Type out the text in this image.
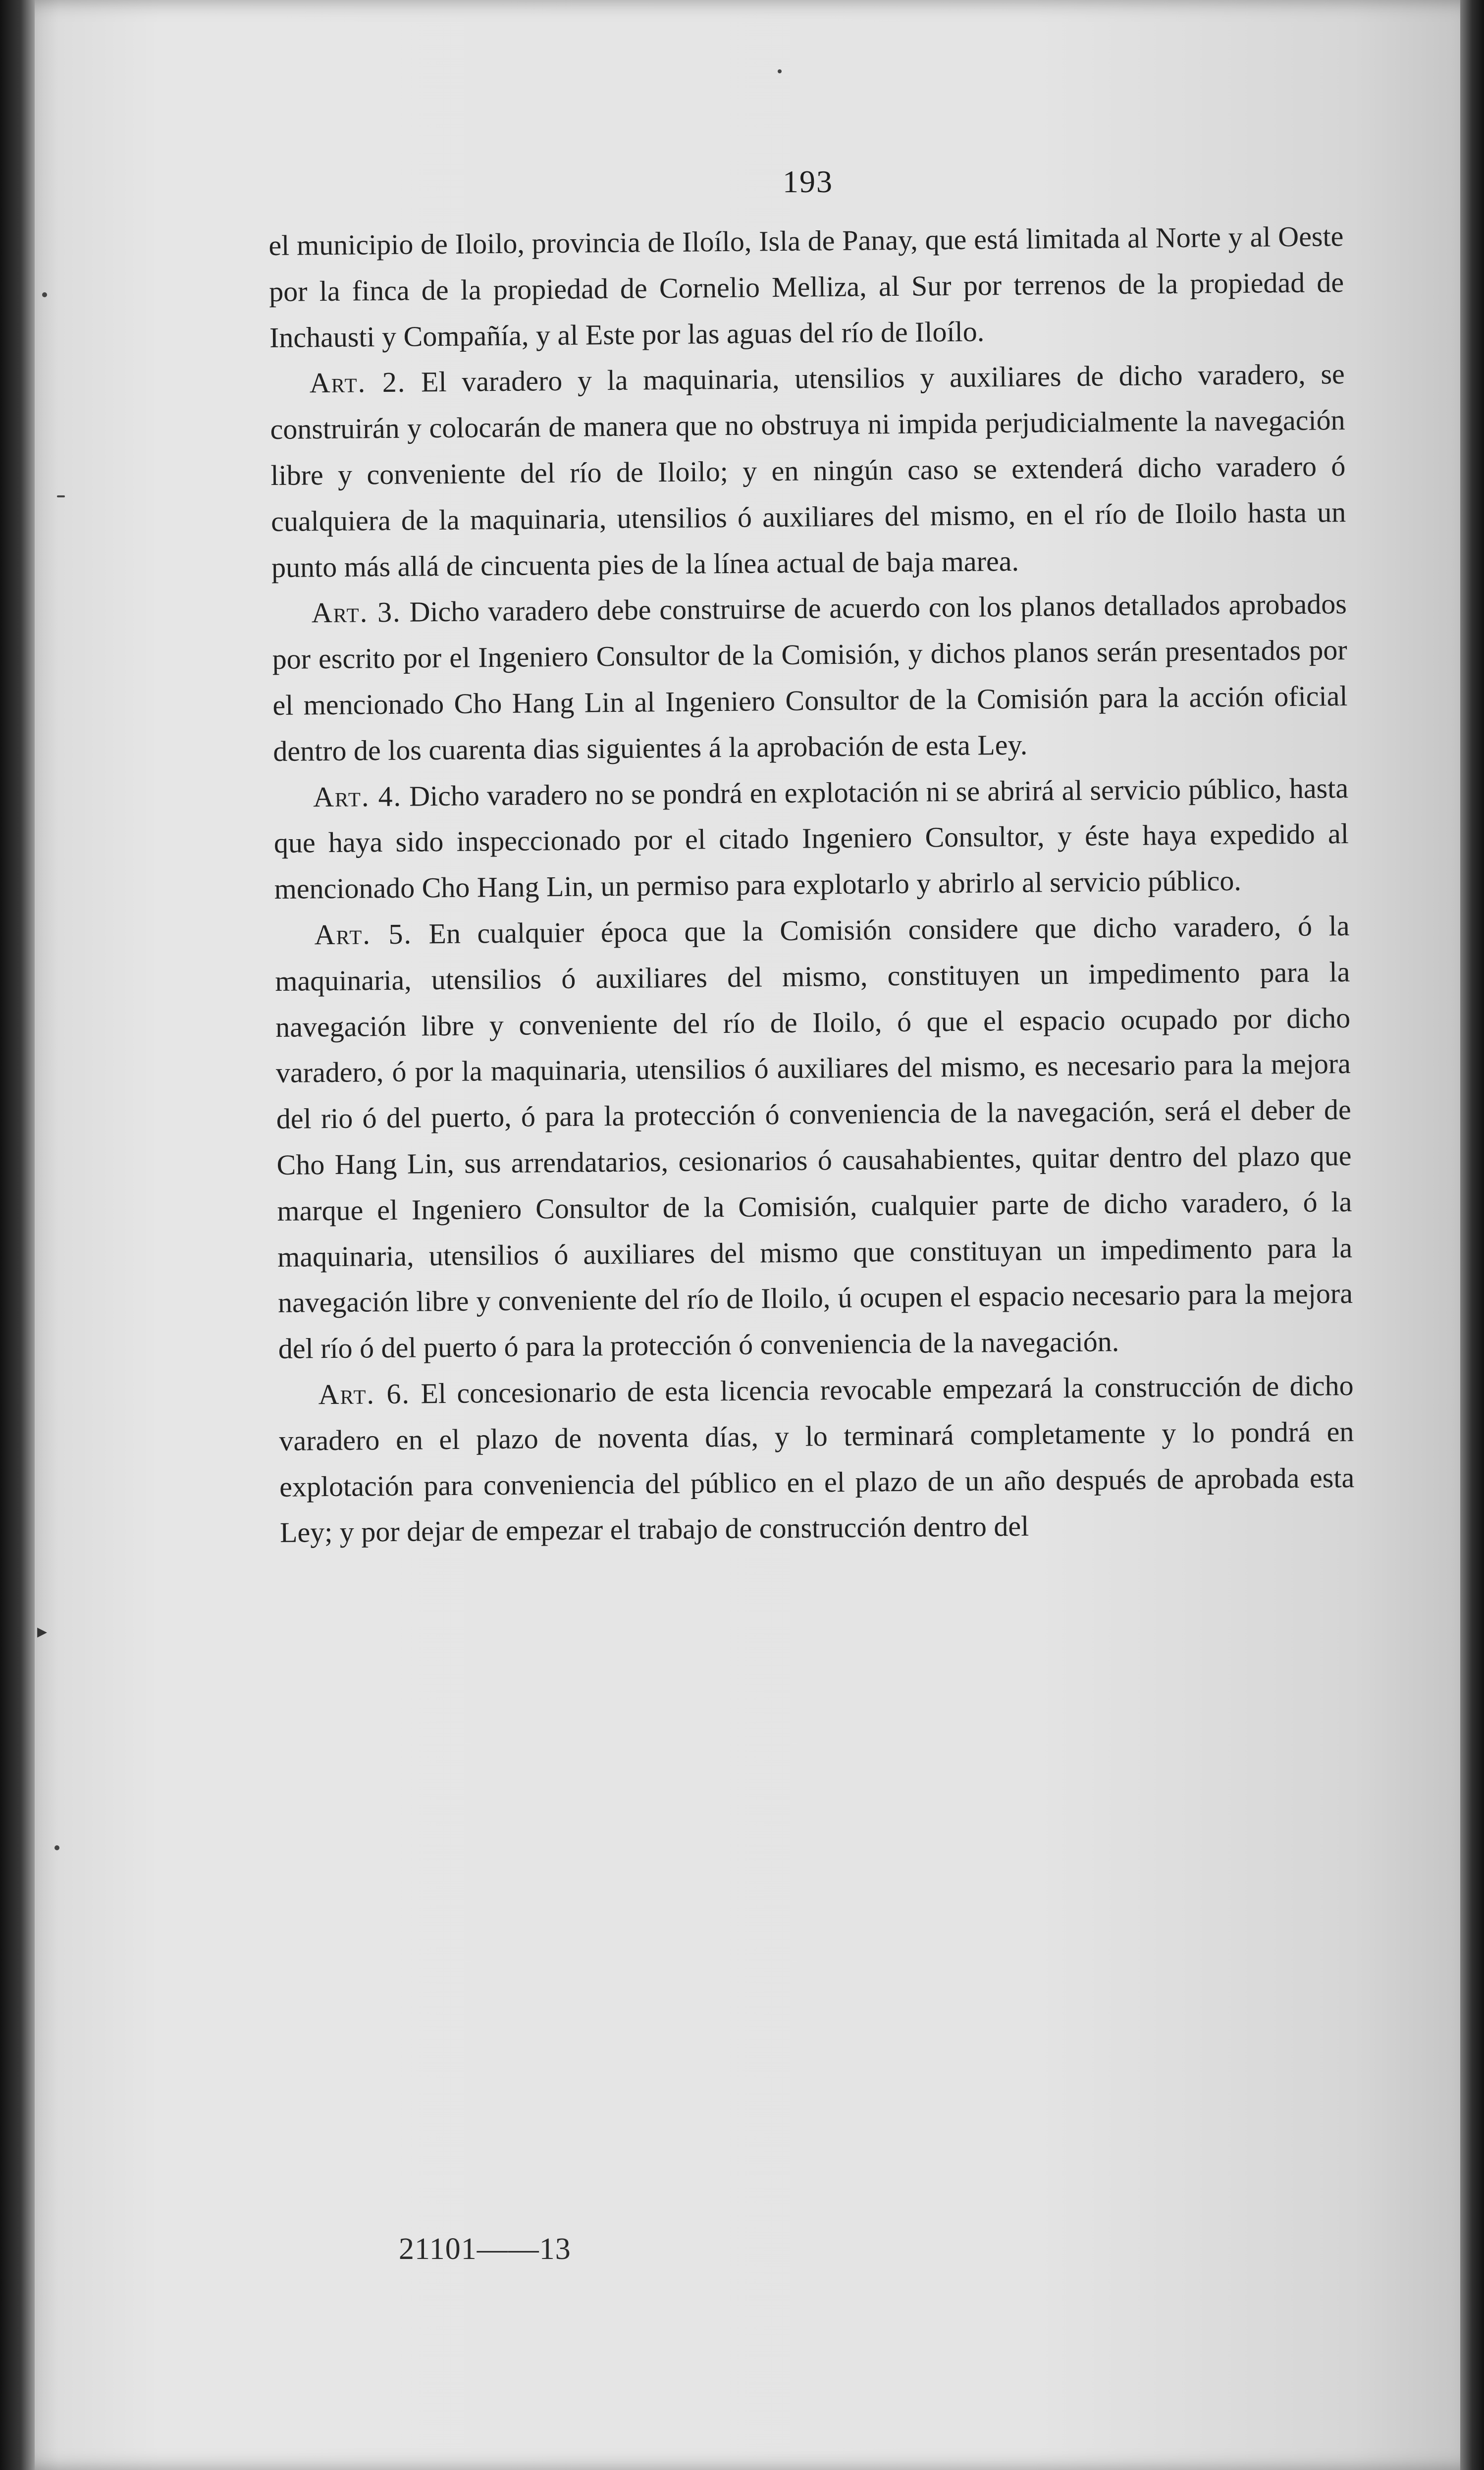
193

el municipio de Iloilo, provincia de Iloílo, Isla de Panay, que está limitada al Norte y al Oeste por la finca de la propiedad de Cornelio Melliza, al Sur por terrenos de la propiedad de Inchausti y Compañía, y al Este por las aguas del río de Iloílo.

Art. 2. El varadero y la maquinaria, utensilios y auxiliares de dicho varadero, se construirán y colocarán de manera que no obstruya ni impida perjudicialmente la navegación libre y conveniente del río de Iloilo; y en ningún caso se extenderá dicho varadero ó cualquiera de la maquinaria, utensilios ó auxiliares del mismo, en el río de Iloilo hasta un punto más allá de cincuenta pies de la línea actual de baja marea.

Art. 3. Dicho varadero debe construirse de acuerdo con los planos detallados aprobados por escrito por el Ingeniero Consultor de la Comisión, y dichos planos serán presentados por el mencionado Cho Hang Lin al Ingeniero Consultor de la Comisión para la acción oficial dentro de los cuarenta dias siguientes á la aprobación de esta Ley.

Art. 4. Dicho varadero no se pondrá en explotación ni se abrirá al servicio público, hasta que haya sido inspeccionado por el citado Ingeniero Consultor, y éste haya expedido al mencionado Cho Hang Lin, un permiso para explotarlo y abrirlo al servicio público.

Art. 5. En cualquier época que la Comisión considere que dicho varadero, ó la maquinaria, utensilios ó auxiliares del mismo, constituyen un impedimento para la navegación libre y conveniente del río de Iloilo, ó que el espacio ocupado por dicho varadero, ó por la maquinaria, utensilios ó auxiliares del mismo, es necesario para la mejora del rio ó del puerto, ó para la protección ó conveniencia de la navegación, será el deber de Cho Hang Lin, sus arrendatarios, cesionarios ó causahabientes, quitar dentro del plazo que marque el Ingeniero Consultor de la Comisión, cualquier parte de dicho varadero, ó la maquinaria, utensilios ó auxiliares del mismo que constituyan un impedimento para la navegación libre y conveniente del río de Iloilo, ú ocupen el espacio necesario para la mejora del río ó del puerto ó para la protección ó conveniencia de la navegación.

Art. 6. El concesionario de esta licencia revocable empezará la construcción de dicho varadero en el plazo de noventa días, y lo terminará completamente y lo pondrá en explotación para conveniencia del público en el plazo de un año después de aprobada esta Ley; y por dejar de empezar el trabajo de construcción dentro del

21101——13
▸
